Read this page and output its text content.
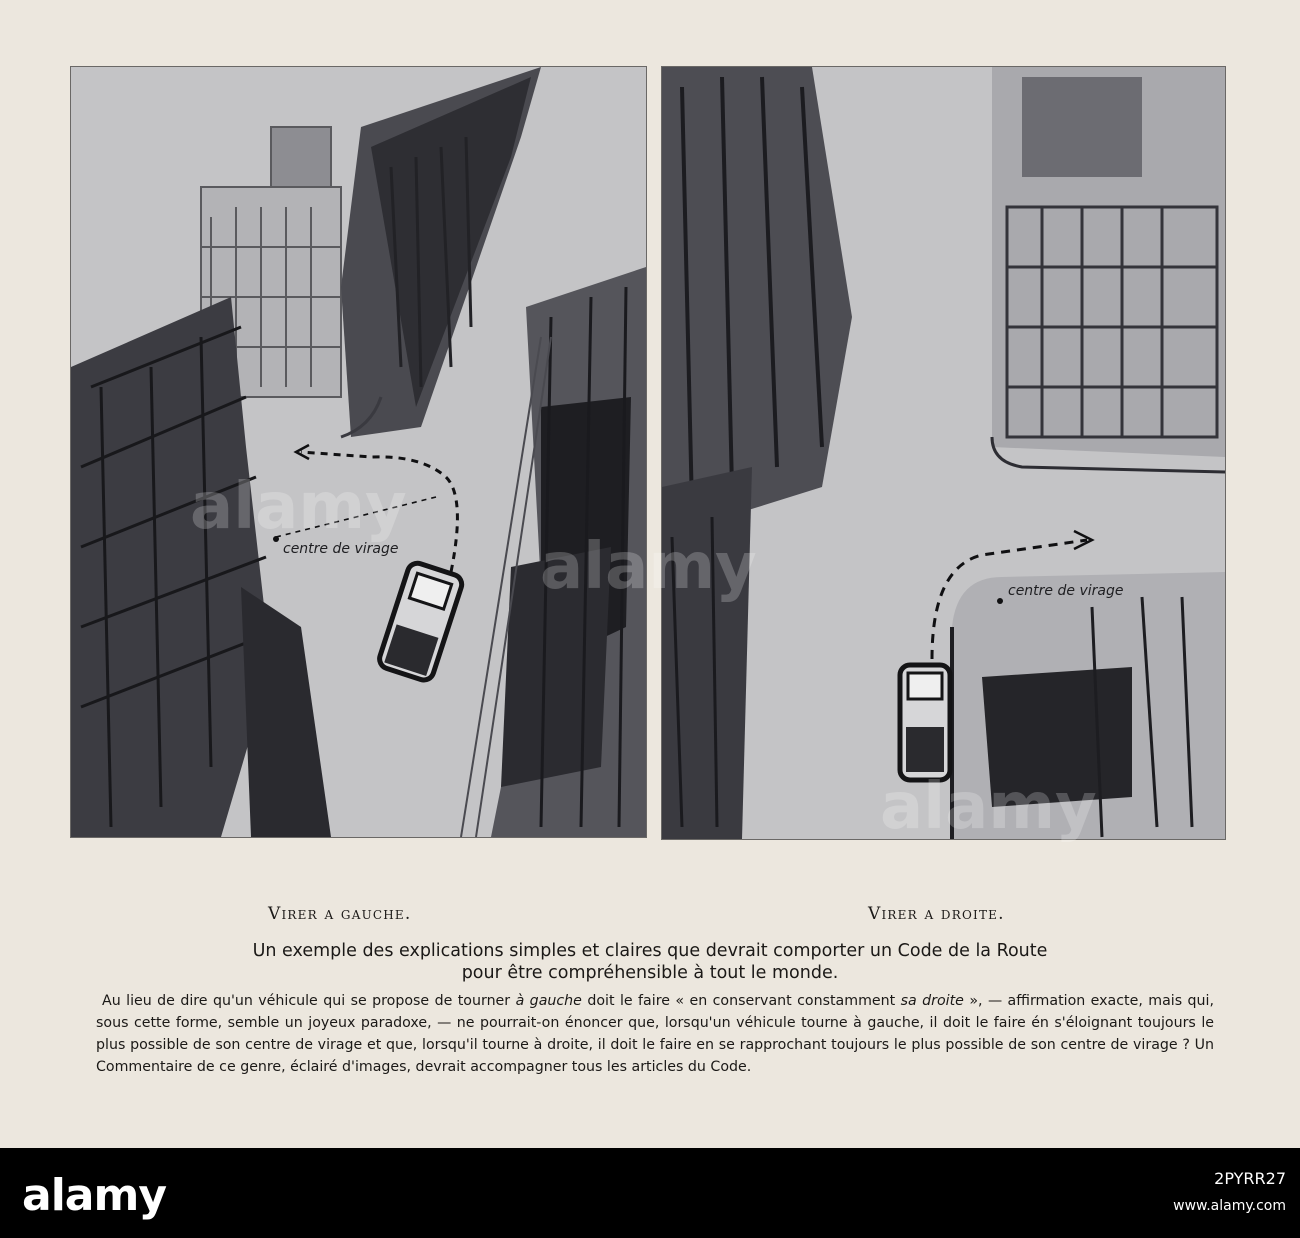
centre de virage
centre de virage
Virer a gauche.	Virer a droite.
Un exemple des explications simples et claires que devrait comporter un Code de la Route
pour être compréhensible à tout le monde.
Au lieu de dire qu'un véhicule qui se propose de tourner à gauche doit le faire « en conservant constamment sa droite », — affirmation exacte, mais qui, sous cette forme, semble un joyeux paradoxe, — ne pourrait-on énoncer que, lorsqu'un véhicule tourne à gauche, il doit le faire én s'éloignant toujours le plus possible de son centre de virage et que, lorsqu'il tourne à droite, il doit le faire en se rapprochant toujours le plus possible de son centre de virage ? Un Commentaire de ce genre, éclairé d'images, devrait accompagner tous les articles du Code.
alamy
alamy
alamy
alamy	2PYRR27
www.alamy.com
